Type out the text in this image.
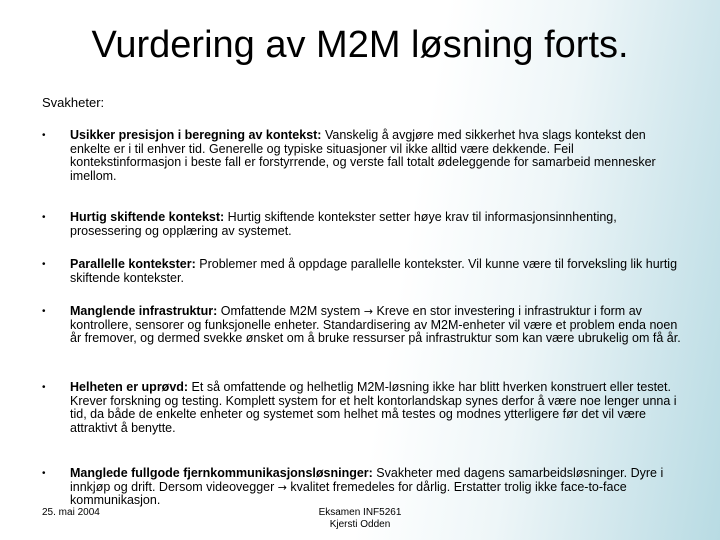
Vurdering av M2M løsning forts.
Svakheter:
• Usikker presisjon i beregning av kontekst: Vanskelig å avgjøre med sikkerhet hva slags kontekst den enkelte er i til enhver tid. Generelle og typiske situasjoner vil ikke alltid være dekkende. Feil kontekstinformasjon i beste fall er forstyrrende, og verste fall totalt ødeleggende for samarbeid mennesker imellom.
• Hurtig skiftende kontekst: Hurtig skiftende kontekster setter høye krav til informasjonsinnhenting, prosessering og opplæring av systemet.
• Parallelle kontekster: Problemer med å oppdage parallelle kontekster. Vil kunne være til forveksling lik hurtig skiftende kontekster.
• Manglende infrastruktur: Omfattende M2M system → Kreve en stor investering i infrastruktur i form av kontrollere, sensorer og funksjonelle enheter. Standardisering av M2M-enheter vil være et problem enda noen år fremover, og dermed svekke ønsket om å bruke ressurser på infrastruktur som kan være ubrukelig om få år.
• Helheten er uprøvd: Et så omfattende og helhetlig M2M-løsning ikke har blitt hverken konstruert eller testet. Krever forskning og testing. Komplett system for et helt kontorlandskap synes derfor å være noe lenger unna i tid, da både de enkelte enheter og systemet som helhet må testes og modnes ytterligere før det vil være attraktivt å benytte.
• Manglede fullgode fjernkommunikasjonsløsninger: Svakheter med dagens samarbeidsløsninger. Dyre i innkjøp og drift. Dersom videovegger → kvalitet fremedeles for dårlig. Erstatter trolig ikke face-to-face kommunikasjon.
25. mai 2004	Eksamen INF5261
Kjersti Odden
